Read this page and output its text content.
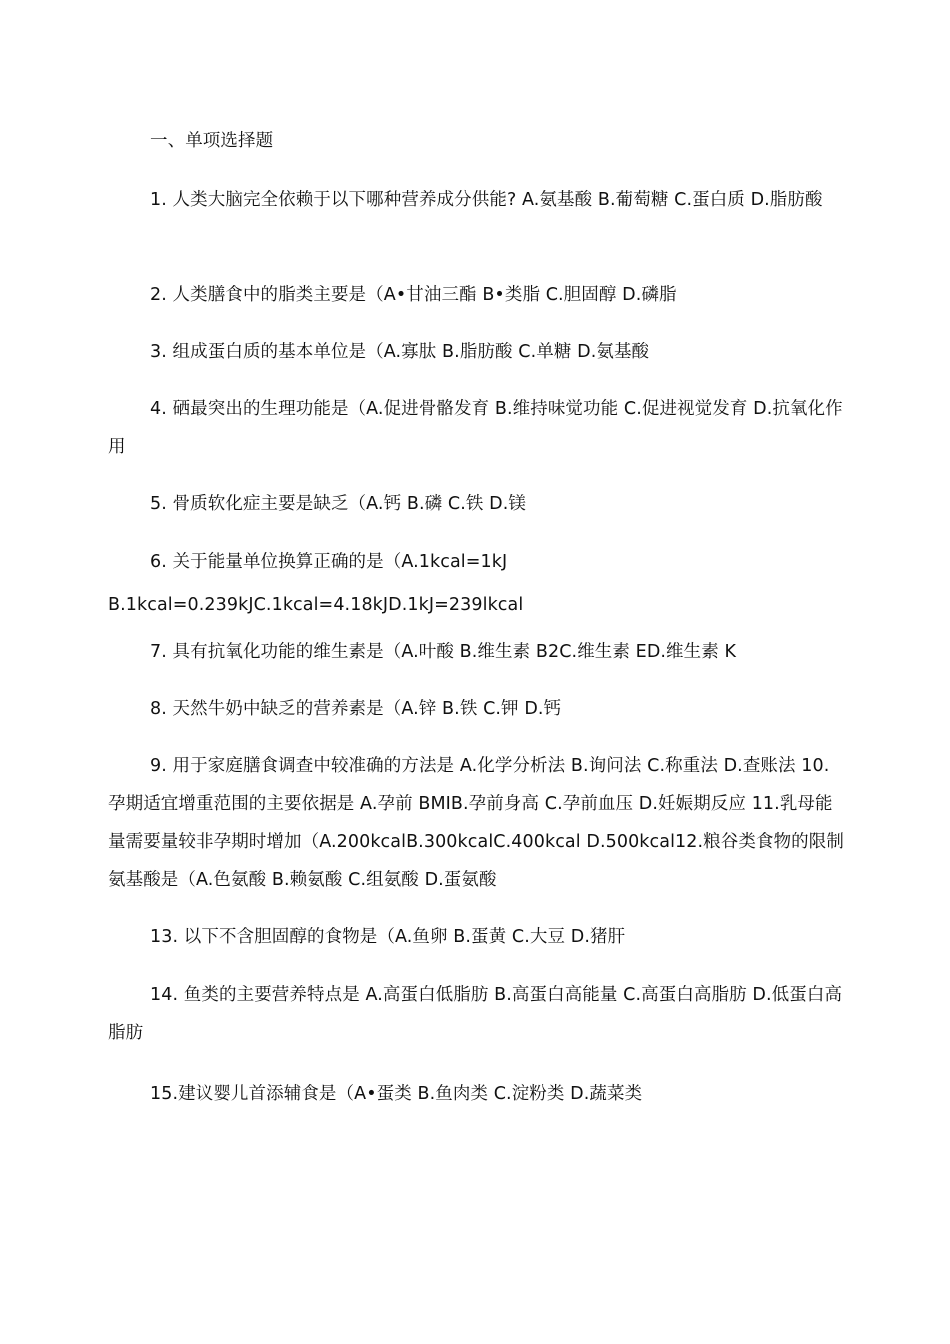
一、单项选择题
1. 人类大脑完全依赖于以下哪种营养成分供能? A.氨基酸 B.葡萄糖 C.蛋白质 D.脂肪酸
2. 人类膳食中的脂类主要是（A•甘油三酯 B•类脂 C.胆固醇 D.磷脂
3. 组成蛋白质的基本单位是（A.寡肽 B.脂肪酸 C.单糖 D.氨基酸
4. 硒最突出的生理功能是（A.促进骨骼发育 B.维持味觉功能 C.促进视觉发育 D.抗氧化作用
5. 骨质软化症主要是缺乏（A.钙 B.磷 C.铁 D.镁
6. 关于能量单位换算正确的是（A.1kcal=1kJ
B.1kcal=0.239kJC.1kcal=4.18kJD.1kJ=239lkcal
7. 具有抗氧化功能的维生素是（A.叶酸 B.维生素 B2C.维生素 ED.维生素 K
8. 天然牛奶中缺乏的营养素是（A.锌 B.铁 C.钾 D.钙
9. 用于家庭膳食调查中较准确的方法是 A.化学分析法 B.询问法 C.称重法 D.查账法 10.孕期适宜增重范围的主要依据是 A.孕前 BMIB.孕前身高 C.孕前血压 D.妊娠期反应 11.乳母能量需要量较非孕期时增加（A.200kcalB.300kcalC.400kcal D.500kcal12.粮谷类食物的限制氨基酸是（A.色氨酸 B.赖氨酸 C.组氨酸 D.蛋氨酸
13. 以下不含胆固醇的食物是（A.鱼卵 B.蛋黄 C.大豆 D.猪肝
14. 鱼类的主要营养特点是 A.高蛋白低脂肪 B.高蛋白高能量 C.高蛋白高脂肪 D.低蛋白高脂肪
15.建议婴儿首添辅食是（A•蛋类 B.鱼肉类 C.淀粉类 D.蔬菜类
